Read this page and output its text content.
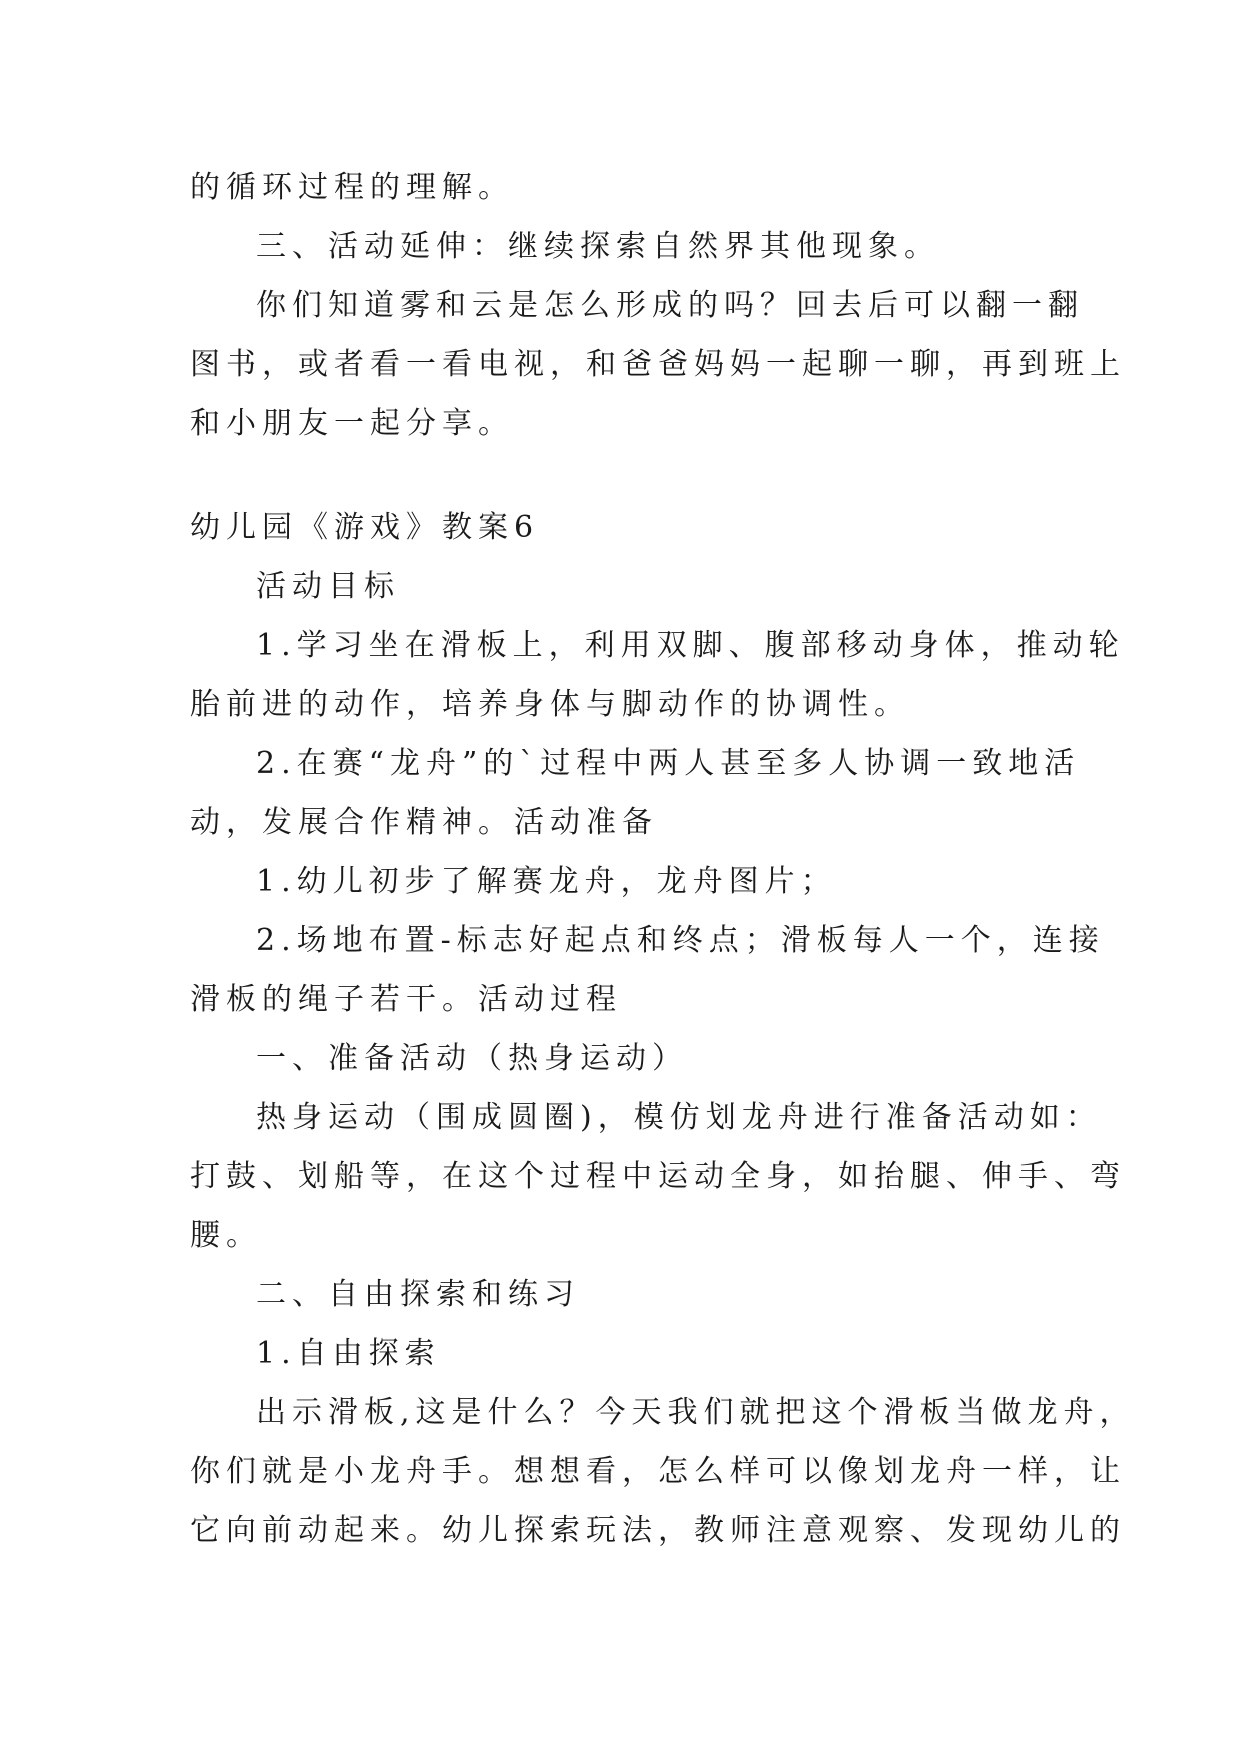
的循环过程的理解。

三、活动延伸：继续探索自然界其他现象。

你们知道雾和云是怎么形成的吗？回去后可以翻一翻

图书，或者看一看电视，和爸爸妈妈一起聊一聊，再到班上

和小朋友一起分享。

幼儿园《游戏》教案6

活动目标

1.学习坐在滑板上，利用双脚、腹部移动身体，推动轮

胎前进的动作，培养身体与脚动作的协调性。

2.在赛“龙舟”的`过程中两人甚至多人协调一致地活

动，发展合作精神。活动准备

1.幼儿初步了解赛龙舟，龙舟图片；

2.场地布置-标志好起点和终点；滑板每人一个，连接

滑板的绳子若干。活动过程

一、准备活动（热身运动）

热身运动（围成圆圈)，模仿划龙舟进行准备活动如：

打鼓、划船等，在这个过程中运动全身，如抬腿、伸手、弯

腰。

二、自由探索和练习

1.自由探索

出示滑板,这是什么？今天我们就把这个滑板当做龙舟，

你们就是小龙舟手。想想看，怎么样可以像划龙舟一样，让

它向前动起来。幼儿探索玩法，教师注意观察、发现幼儿的
